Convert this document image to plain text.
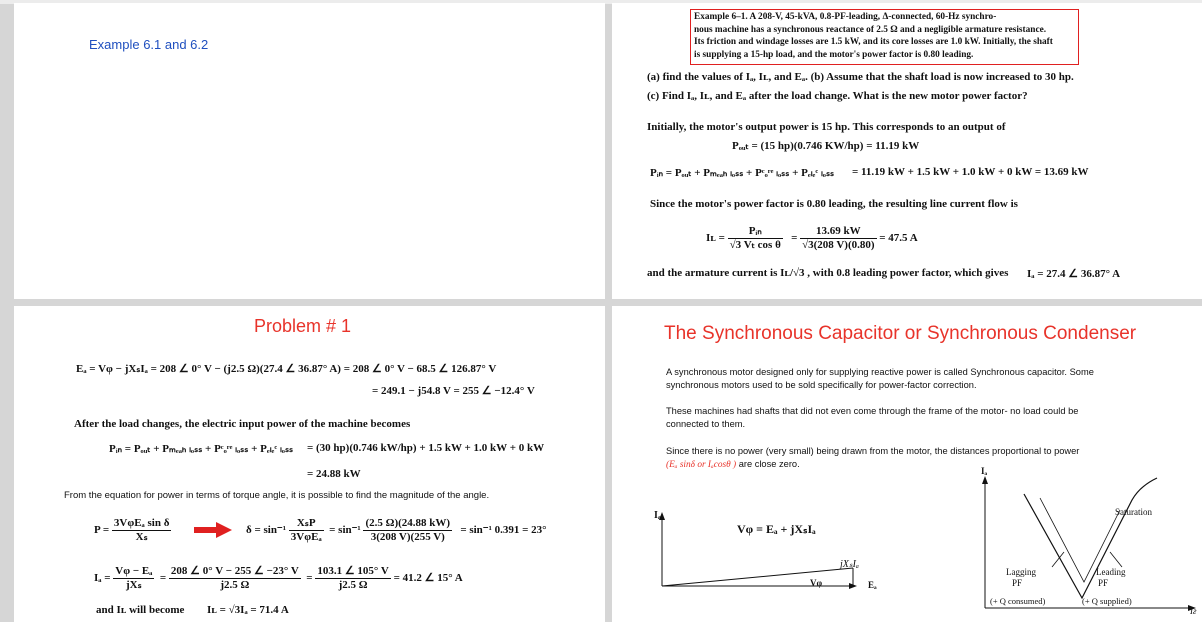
Example 6.1 and 6.2
Example 6–1. A 208-V, 45-kVA, 0.8-PF-leading, Δ-connected, 60-Hz synchro-
nous machine has a synchronous reactance of 2.5 Ω and a negligible armature resistance.
Its friction and windage losses are 1.5 kW, and its core losses are 1.0 kW. Initially, the shaft
is supplying a 15-hp load, and the motor's power factor is 0.80 leading.
(a) find the values of Iₐ, Iʟ, and Eₐ. (b) Assume that the shaft load is now increased to 30 hp.
(c) Find Iₐ, Iʟ, and Eₐ after the load change. What is the new motor power factor?
Initially, the motor's output power is 15 hp. This corresponds to an output of
Pₒᵤₜ = (15 hp)(0.746 KW/hp) = 11.19 kW
Pᵢₙ = Pₒᵤₜ + Pₘₑₐₕ ₗₒₛₛ + Pᶜₒʳᵉ ₗₒₛₛ + Pₑₗₑᶜ ₗₒₛₛ = 11.19 kW + 1.5 kW + 1.0 kW + 0 kW = 13.69 kW
Since the motor's power factor is 0.80 leading, the resulting line current flow is
Iʟ = $\frac{\text{Pᵢₙ}}{\text{√3 Vₜ cos θ}} = \frac{13.69 kW}{√3(208 V)(0.80)} = 47.5$ A
and the armature current is Iʟ/√3 , with 0.8 leading power factor, which gives Iₐ = 27.4 ∠ 36.87° A
Problem # 1
Eₐ = Vφ − jXₛIₐ = 208 ∠ 0° V − (j2.5 Ω)(27.4 ∠ 36.87° A) = 208 ∠ 0° V − 68.5 ∠ 126.87° V
= 249.1 − j54.8 V = 255 ∠ −12.4° V
After the load changes, the electric input power of the machine becomes
Pᵢₙ = Pₒᵤₜ + Pₘₑₐₕ ₗₒₛₛ + Pᶜₒʳᵉ ₗₒₛₛ + Pₑₗₑᶜ ₗₒₛₛ = (30 hp)(0.746 kW/hp) + 1.5 kW + 1.0 kW + 0 kW
= 24.88 kW
From the equation for power in terms of torque angle, it is possible to find the magnitude of the angle.
$P = \frac{\text{3VφEₐ sin δ}}{\text{Xₛ}}$	$\delta = \sin^{-1} \frac{\text{XₛP}}{\text{3VφEₐ}} = \sin^{-1} \frac{(2.5 \Omega)(24.88 kW)}{3(208 V)(255 V)} = \sin^{-1}$ 0.391 = 23°
$I_a = \frac{\text{Vφ − Eₐ}}{\text{jXₛ}} = \frac{208 \angle 0^\circ V - 255 \angle -23^\circ V}{j2.5 \Omega} = \frac{103.1 \angle 105^\circ V}{j2.5 \Omega} = 41.2$ ∠ 15° A
and Iʟ will become Iʟ = √3Iₐ = 71.4 A
The Synchronous Capacitor or Synchronous Condenser
A synchronous motor designed only for supplying reactive power is called Synchronous capacitor. Some
synchronous motors used to be sold specifically for power-factor correction.
These machines had shafts that did not even come through the frame of the motor- no load could be
connected to them.
Since there is no power (very small) being drawn from the motor, the distances proportional to power
(Eₐ sinδ or Iₐcosθ ) are close zero.
Iₐ
Vφ = Eₐ + jXₛIₐ
jXₛIₐ
Vφ	Eₐ
Iₐ
Saturation
Lagging
PF
(+ Q consumed)
Leading
PF
(+ Q supplied)
Iғ
